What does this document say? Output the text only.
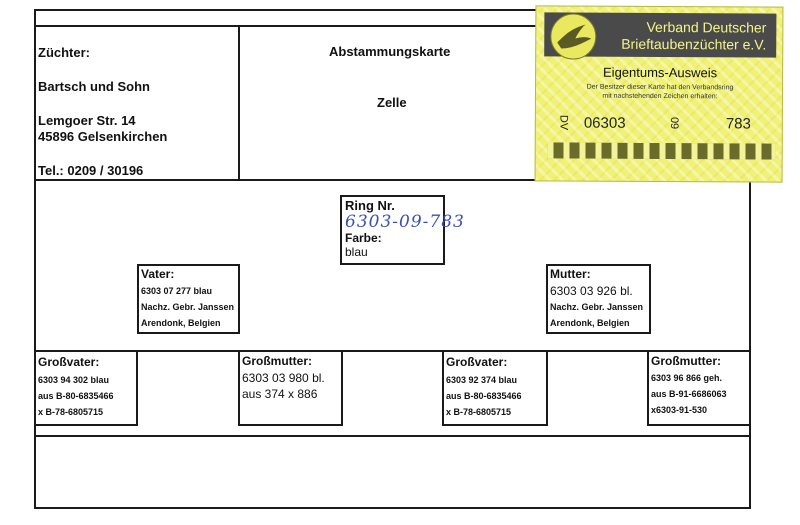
Züchter:
Bartsch und Sohn
Lemgoer Str. 14
45896 Gelsenkirchen
Tel.: 0209 / 30196
Abstammungskarte
Zelle
Verband Deutscher
Brieftaubenzüchter e.V.
Eigentums-Ausweis
Der Besitzer dieser Karte hat den Verbandsring
mit nachstehenden Zeichen erhalten:
DV 06303	09	783
Ring Nr.
6303-09-783
Farbe:
blau
Vater:
6303 07 277 blau
Nachz. Gebr. Janssen
Arendonk, Belgien
Mutter:
6303 03 926 bl.
Nachz. Gebr. Janssen
Arendonk, Belgien
Großvater:
6303 94 302 blau
aus B-80-6835466
x B-78-6805715
Großmutter:
6303 03 980 bl.
aus 374 x 886
Großvater:
6303 92 374 blau
aus B-80-6835466
x B-78-6805715
Großmutter:
6303 96 866 geh.
aus B-91-6686063
x6303-91-530
